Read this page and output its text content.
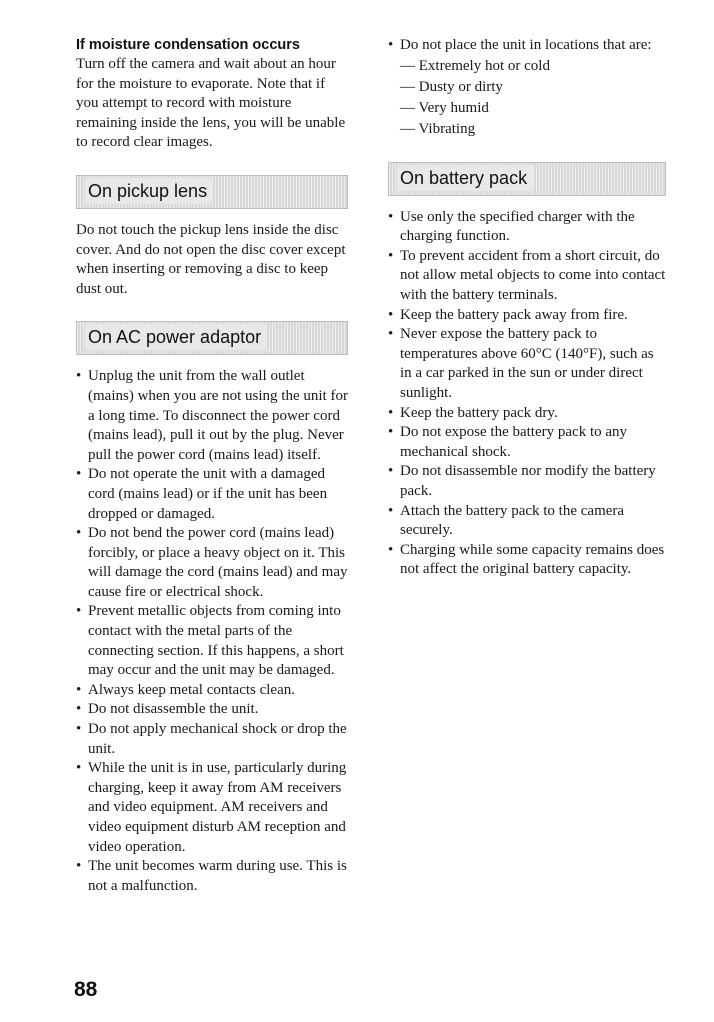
If moisture condensation occurs

Turn off the camera and wait about an hour for the moisture to evaporate. Note that if you attempt to record with moisture remaining inside the lens, you will be unable to record clear images.

On pickup lens

Do not touch the pickup lens inside the disc cover. And do not open the disc cover except when inserting or removing a disc to keep dust out.

On AC power adaptor
• Unplug the unit from the wall outlet (mains) when you are not using the unit for a long time. To disconnect the power cord (mains lead), pull it out by the plug. Never pull the power cord (mains lead) itself.
• Do not operate the unit with a damaged cord (mains lead) or if the unit has been dropped or damaged.
• Do not bend the power cord (mains lead) forcibly, or place a heavy object on it. This will damage the cord (mains lead) and may cause fire or electrical shock.
• Prevent metallic objects from coming into contact with the metal parts of the connecting section. If this happens, a short may occur and the unit may be damaged.
• Always keep metal contacts clean.
• Do not disassemble the unit.
• Do not apply mechanical shock or drop the unit.
• While the unit is in use, particularly during charging, keep it away from AM receivers and video equipment. AM receivers and video equipment disturb AM reception and video operation.
• The unit becomes warm during use. This is not a malfunction.
• Do not place the unit in locations that are:
— Extremely hot or cold
— Dusty or dirty
— Very humid
— Vibrating
On battery pack
• Use only the specified charger with the charging function.
• To prevent accident from a short circuit, do not allow metal objects to come into contact with the battery terminals.
• Keep the battery pack away from fire.
• Never expose the battery pack to temperatures above 60°C (140°F), such as in a car parked in the sun or under direct sunlight.
• Keep the battery pack dry.
• Do not expose the battery pack to any mechanical shock.
• Do not disassemble nor modify the battery pack.
• Attach the battery pack to the camera securely.
• Charging while some capacity remains does not affect the original battery capacity.
88
